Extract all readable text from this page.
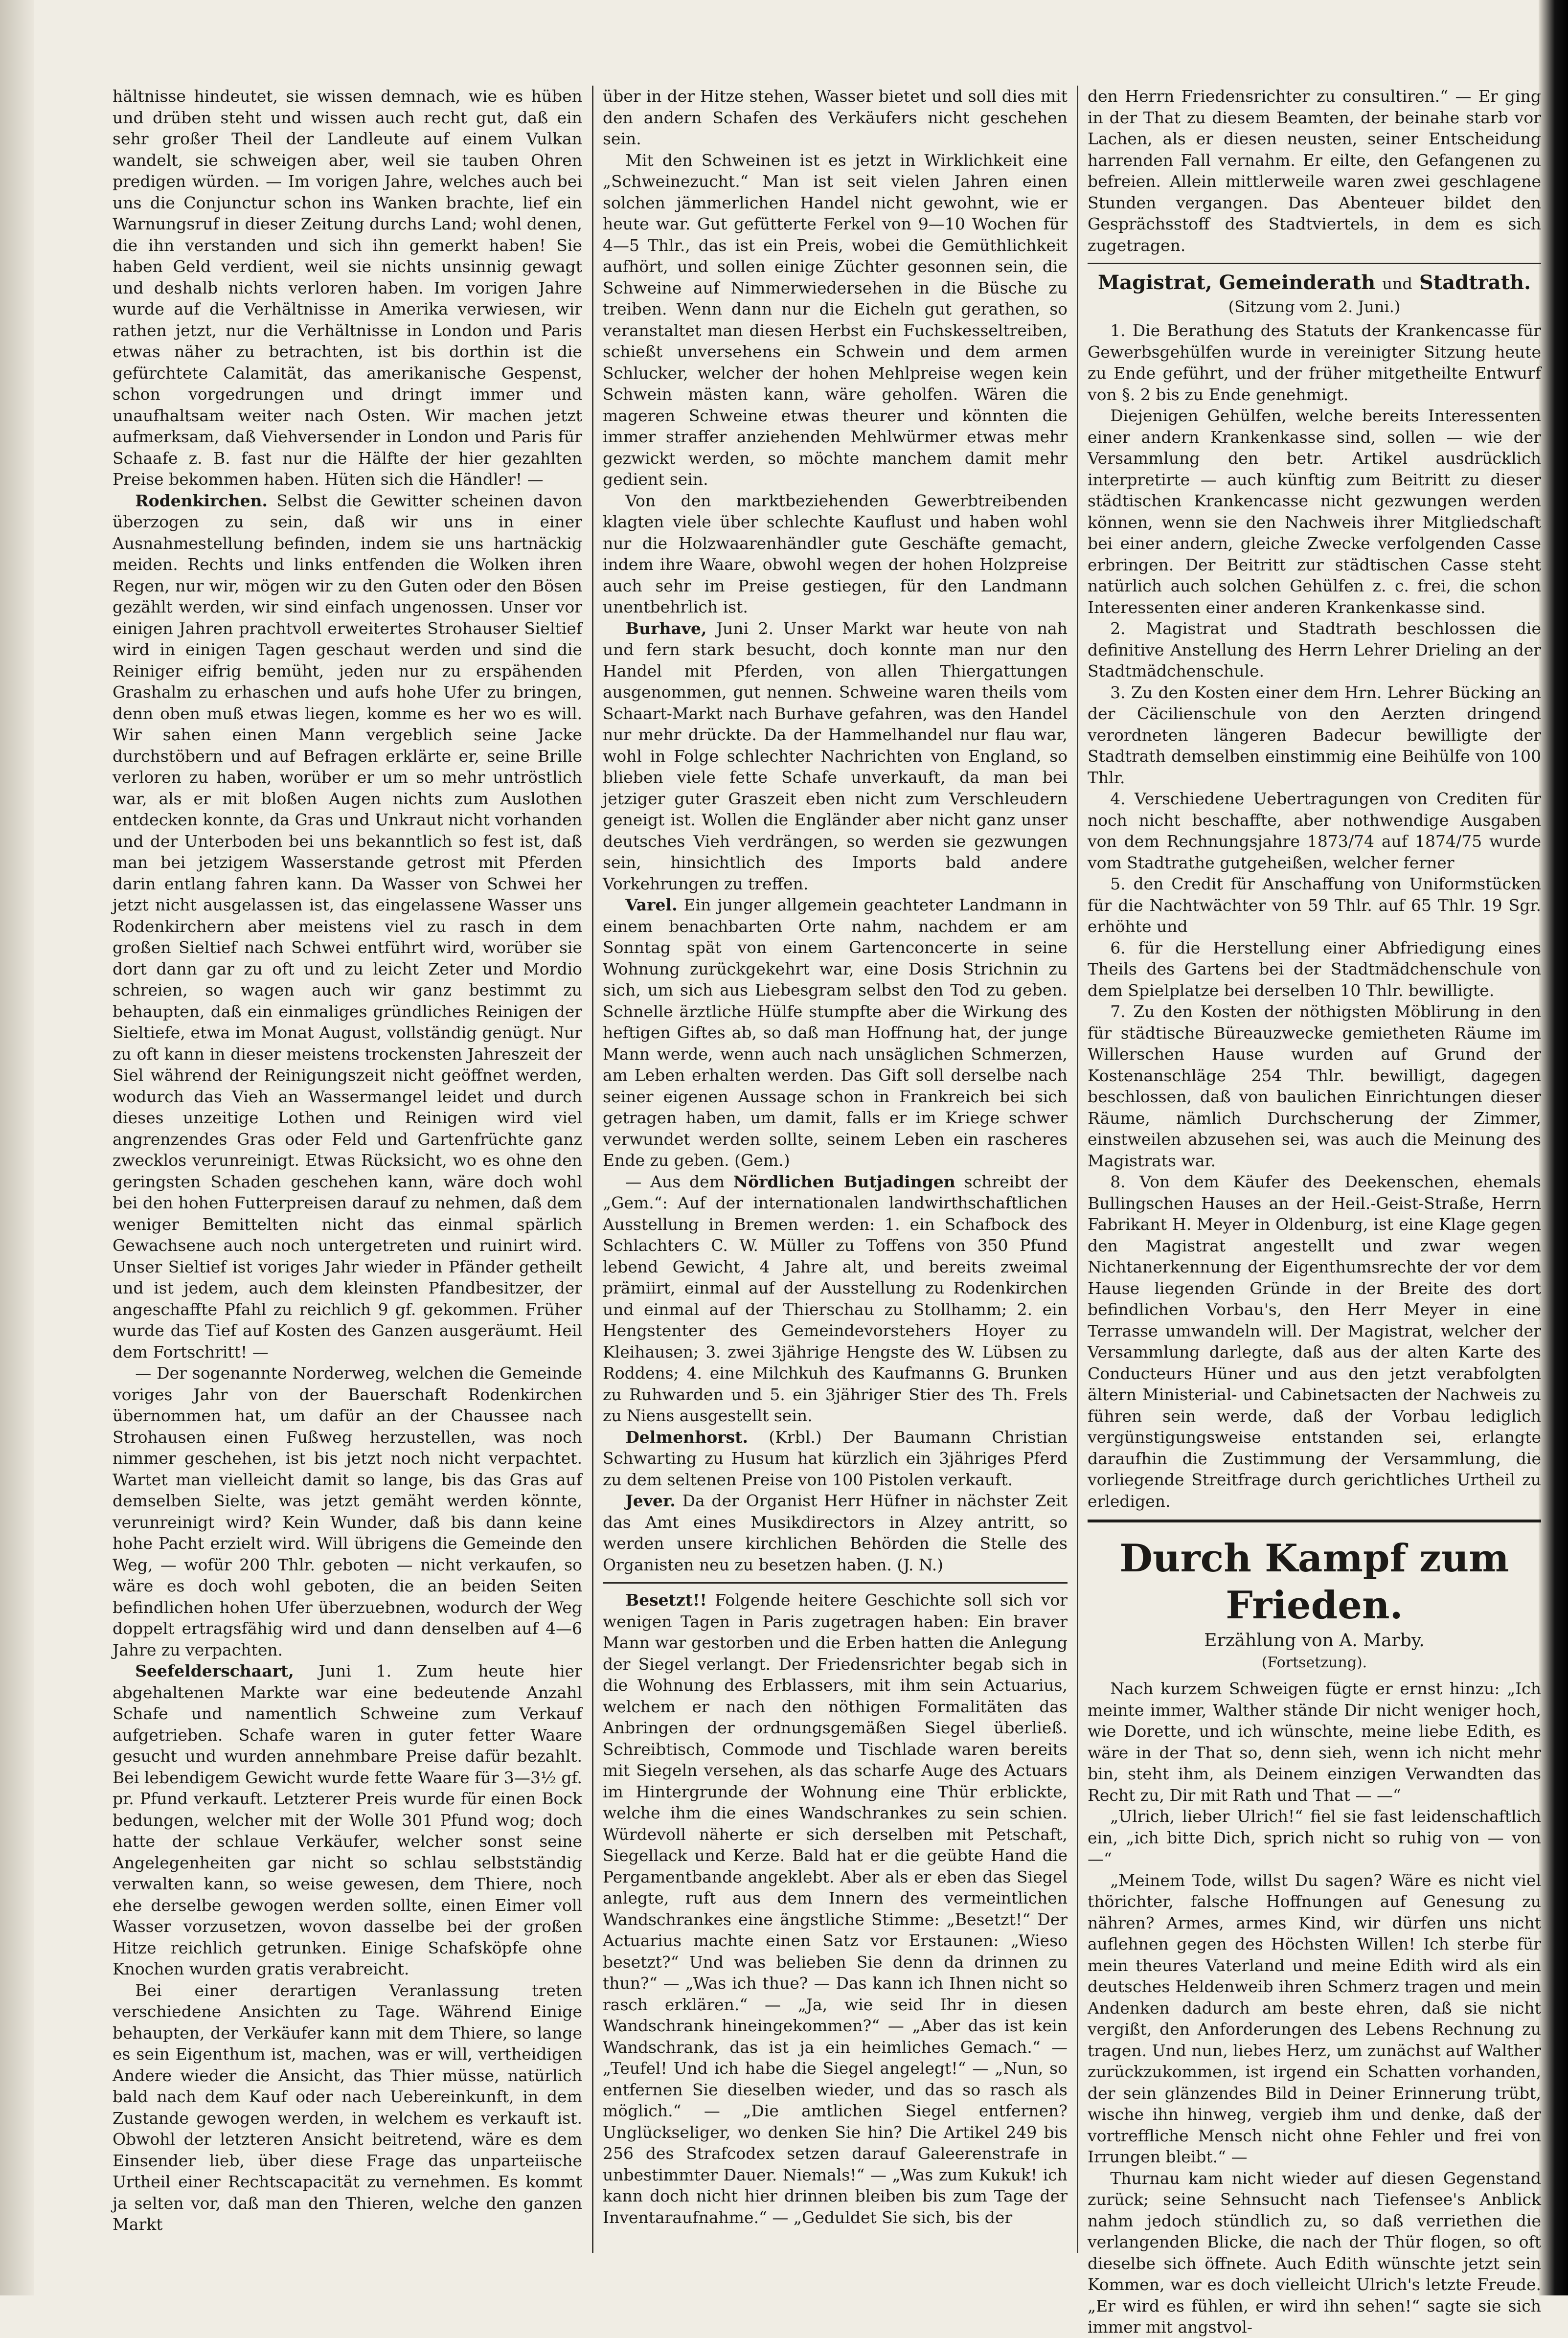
hältnisse hindeutet, sie wissen demnach, wie es hüben und drüben steht und wissen auch recht gut, daß ein sehr großer Theil der Landleute auf einem Vulkan wandelt, sie schweigen aber, weil sie tauben Ohren predigen würden. — Im vorigen Jahre, welches auch bei uns die Conjunctur schon ins Wanken brachte, lief ein Warnungsruf in dieser Zeitung durchs Land; wohl denen, die ihn verstanden und sich ihn gemerkt haben! Sie haben Geld verdient, weil sie nichts unsinnig gewagt und deshalb nichts verloren haben. Im vorigen Jahre wurde auf die Verhältnisse in Amerika verwiesen, wir rathen jetzt, nur die Verhältnisse in London und Paris etwas näher zu betrachten, ist bis dorthin ist die gefürchtete Calamität, das amerikanische Gespenst, schon vorgedrungen und dringt immer und unaufhaltsam weiter nach Osten. Wir machen jetzt aufmerksam, daß Viehversender in London und Paris für Schaafe z. B. fast nur die Hälfte der hier gezahlten Preise bekommen haben. Hüten sich die Händler! —

Rodenkirchen. Selbst die Gewitter scheinen davon überzogen zu sein, daß wir uns in einer Ausnahmestellung befinden, indem sie uns hartnäckig meiden. Rechts und links entfenden die Wolken ihren Regen, nur wir, mögen wir zu den Guten oder den Bösen gezählt werden, wir sind einfach ungenossen. Unser vor einigen Jahren prachtvoll erweitertes Strohauser Sieltief wird in einigen Tagen geschaut werden und sind die Reiniger eifrig bemüht, jeden nur zu erspähenden Grashalm zu erhaschen und aufs hohe Ufer zu bringen, denn oben muß etwas liegen, komme es her wo es will. Wir sahen einen Mann vergeblich seine Jacke durchstöbern und auf Befragen erklärte er, seine Brille verloren zu haben, worüber er um so mehr untröstlich war, als er mit bloßen Augen nichts zum Auslothen entdecken konnte, da Gras und Unkraut nicht vorhanden und der Unterboden bei uns bekanntlich so fest ist, daß man bei jetzigem Wasserstande getrost mit Pferden darin entlang fahren kann. Da Wasser von Schwei her jetzt nicht ausgelassen ist, das eingelassene Wasser uns Rodenkirchern aber meistens viel zu rasch in dem großen Sieltief nach Schwei entführt wird, worüber sie dort dann gar zu oft und zu leicht Zeter und Mordio schreien, so wagen auch wir ganz bestimmt zu behaupten, daß ein einmaliges gründliches Reinigen der Sieltiefe, etwa im Monat August, vollständig genügt. Nur zu oft kann in dieser meistens trockensten Jahreszeit der Siel während der Reinigungszeit nicht geöffnet werden, wodurch das Vieh an Wassermangel leidet und durch dieses unzeitige Lothen und Reinigen wird viel angrenzendes Gras oder Feld und Gartenfrüchte ganz zwecklos verunreinigt. Etwas Rücksicht, wo es ohne den geringsten Schaden geschehen kann, wäre doch wohl bei den hohen Futterpreisen darauf zu nehmen, daß dem weniger Bemittelten nicht das einmal spärlich Gewachsene auch noch untergetreten und ruinirt wird. Unser Sieltief ist voriges Jahr wieder in Pfänder getheilt und ist jedem, auch dem kleinsten Pfandbesitzer, der angeschaffte Pfahl zu reichlich 9 gf. gekommen. Früher wurde das Tief auf Kosten des Ganzen ausgeräumt. Heil dem Fortschritt! —

— Der sogenannte Norderweg, welchen die Gemeinde voriges Jahr von der Bauerschaft Rodenkirchen übernommen hat, um dafür an der Chaussee nach Strohausen einen Fußweg herzustellen, was noch nimmer geschehen, ist bis jetzt noch nicht verpachtet. Wartet man vielleicht damit so lange, bis das Gras auf demselben Sielte, was jetzt gemäht werden könnte, verunreinigt wird? Kein Wunder, daß bis dann keine hohe Pacht erzielt wird. Will übrigens die Gemeinde den Weg, — wofür 200 Thlr. geboten — nicht verkaufen, so wäre es doch wohl geboten, die an beiden Seiten befindlichen hohen Ufer überzuebnen, wodurch der Weg doppelt ertragsfähig wird und dann denselben auf 4—6 Jahre zu verpachten.

Seefelderschaart, Juni 1. Zum heute hier abgehaltenen Markte war eine bedeutende Anzahl Schafe und namentlich Schweine zum Verkauf aufgetrieben. Schafe waren in guter fetter Waare gesucht und wurden annehmbare Preise dafür bezahlt. Bei lebendigem Gewicht wurde fette Waare für 3—3½ gf. pr. Pfund verkauft. Letzterer Preis wurde für einen Bock bedungen, welcher mit der Wolle 301 Pfund wog; doch hatte der schlaue Verkäufer, welcher sonst seine Angelegenheiten gar nicht so schlau selbstständig verwalten kann, so weise gewesen, dem Thiere, noch ehe derselbe gewogen werden sollte, einen Eimer voll Wasser vorzusetzen, wovon dasselbe bei der großen Hitze reichlich getrunken. Einige Schafsköpfe ohne Knochen wurden gratis verabreicht.

Bei einer derartigen Veranlassung treten verschiedene Ansichten zu Tage. Während Einige behaupten, der Verkäufer kann mit dem Thiere, so lange es sein Eigenthum ist, machen, was er will, vertheidigen Andere wieder die Ansicht, das Thier müsse, natürlich bald nach dem Kauf oder nach Uebereinkunft, in dem Zustande gewogen werden, in welchem es verkauft ist. Obwohl der letzteren Ansicht beitretend, wäre es dem Einsender lieb, über diese Frage das unparteiische Urtheil einer Rechtscapacität zu vernehmen. Es kommt ja selten vor, daß man den Thieren, welche den ganzen Markt

über in der Hitze stehen, Wasser bietet und soll dies mit den andern Schafen des Verkäufers nicht geschehen sein.

Mit den Schweinen ist es jetzt in Wirklichkeit eine „Schweinezucht.“ Man ist seit vielen Jahren einen solchen jämmerlichen Handel nicht gewohnt, wie er heute war. Gut gefütterte Ferkel von 9—10 Wochen für 4—5 Thlr., das ist ein Preis, wobei die Gemüthlichkeit aufhört, und sollen einige Züchter gesonnen sein, die Schweine auf Nimmerwiedersehen in die Büsche zu treiben. Wenn dann nur die Eicheln gut gerathen, so veranstaltet man diesen Herbst ein Fuchskesseltreiben, schießt unversehens ein Schwein und dem armen Schlucker, welcher der hohen Mehlpreise wegen kein Schwein mästen kann, wäre geholfen. Wären die mageren Schweine etwas theurer und könnten die immer straffer anziehenden Mehlwürmer etwas mehr gezwickt werden, so möchte manchem damit mehr gedient sein.

Von den marktbeziehenden Gewerbtreibenden klagten viele über schlechte Kauflust und haben wohl nur die Holzwaarenhändler gute Geschäfte gemacht, indem ihre Waare, obwohl wegen der hohen Holzpreise auch sehr im Preise gestiegen, für den Landmann unentbehrlich ist.

Burhave, Juni 2. Unser Markt war heute von nah und fern stark besucht, doch konnte man nur den Handel mit Pferden, von allen Thiergattungen ausgenommen, gut nennen. Schweine waren theils vom Schaart-Markt nach Burhave gefahren, was den Handel nur mehr drückte. Da der Hammelhandel nur flau war, wohl in Folge schlechter Nachrichten von England, so blieben viele fette Schafe unverkauft, da man bei jetziger guter Graszeit eben nicht zum Verschleudern geneigt ist. Wollen die Engländer aber nicht ganz unser deutsches Vieh verdrängen, so werden sie gezwungen sein, hinsichtlich des Imports bald andere Vorkehrungen zu treffen.

Varel. Ein junger allgemein geachteter Landmann in einem benachbarten Orte nahm, nachdem er am Sonntag spät von einem Gartenconcerte in seine Wohnung zurückgekehrt war, eine Dosis Strichnin zu sich, um sich aus Liebesgram selbst den Tod zu geben. Schnelle ärztliche Hülfe stumpfte aber die Wirkung des heftigen Giftes ab, so daß man Hoffnung hat, der junge Mann werde, wenn auch nach unsäglichen Schmerzen, am Leben erhalten werden. Das Gift soll derselbe nach seiner eigenen Aussage schon in Frankreich bei sich getragen haben, um damit, falls er im Kriege schwer verwundet werden sollte, seinem Leben ein rascheres Ende zu geben. (Gem.)

— Aus dem Nördlichen Butjadingen schreibt der „Gem.“: Auf der internationalen landwirthschaftlichen Ausstellung in Bremen werden: 1. ein Schafbock des Schlachters C. W. Müller zu Toffens von 350 Pfund lebend Gewicht, 4 Jahre alt, und bereits zweimal prämiirt, einmal auf der Ausstellung zu Rodenkirchen und einmal auf der Thierschau zu Stollhamm; 2. ein Hengstenter des Gemeindevorstehers Hoyer zu Kleihausen; 3. zwei 3jährige Hengste des W. Lübsen zu Roddens; 4. eine Milchkuh des Kaufmanns G. Brunken zu Ruhwarden und 5. ein 3jähriger Stier des Th. Frels zu Niens ausgestellt sein.

Delmenhorst. (Krbl.) Der Baumann Christian Schwarting zu Husum hat kürzlich ein 3jähriges Pferd zu dem seltenen Preise von 100 Pistolen verkauft.

Jever. Da der Organist Herr Hüfner in nächster Zeit das Amt eines Musikdirectors in Alzey antritt, so werden unsere kirchlichen Behörden die Stelle des Organisten neu zu besetzen haben. (J. N.)

Besetzt!! Folgende heitere Geschichte soll sich vor wenigen Tagen in Paris zugetragen haben: Ein braver Mann war gestorben und die Erben hatten die Anlegung der Siegel verlangt. Der Friedensrichter begab sich in die Wohnung des Erblassers, mit ihm sein Actuarius, welchem er nach den nöthigen Formalitäten das Anbringen der ordnungsgemäßen Siegel überließ. Schreibtisch, Commode und Tischlade waren bereits mit Siegeln versehen, als das scharfe Auge des Actuars im Hintergrunde der Wohnung eine Thür erblickte, welche ihm die eines Wandschrankes zu sein schien. Würdevoll näherte er sich derselben mit Petschaft, Siegellack und Kerze. Bald hat er die geübte Hand die Pergamentbande angeklebt. Aber als er eben das Siegel anlegte, ruft aus dem Innern des vermeintlichen Wandschrankes eine ängstliche Stimme: „Besetzt!“ Der Actuarius machte einen Satz vor Erstaunen: „Wieso besetzt?“ Und was belieben Sie denn da drinnen zu thun?“ — „Was ich thue? — Das kann ich Ihnen nicht so rasch erklären.“ — „Ja, wie seid Ihr in diesen Wandschrank hineingekommen?“ — „Aber das ist kein Wandschrank, das ist ja ein heimliches Gemach.“ — „Teufel! Und ich habe die Siegel angelegt!“ — „Nun, so entfernen Sie dieselben wieder, und das so rasch als möglich.“ — „Die amtlichen Siegel entfernen? Unglückseliger, wo denken Sie hin? Die Artikel 249 bis 256 des Strafcodex setzen darauf Galeerenstrafe in unbestimmter Dauer. Niemals!“ — „Was zum Kukuk! ich kann doch nicht hier drinnen bleiben bis zum Tage der Inventaraufnahme.“ — „Geduldet Sie sich, bis der

den Herrn Friedensrichter zu consultiren.“ — Er ging in der That zu diesem Beamten, der beinahe starb vor Lachen, als er diesen neusten, seiner Entscheidung harrenden Fall vernahm. Er eilte, den Gefangenen zu befreien. Allein mittlerweile waren zwei geschlagene Stunden vergangen. Das Abenteuer bildet den Gesprächsstoff des Stadtviertels, in dem es sich zugetragen.

Magistrat, Gemeinderath und Stadtrath.
(Sitzung vom 2. Juni.)

1. Die Berathung des Statuts der Krankencasse für Gewerbsgehülfen wurde in vereinigter Sitzung heute zu Ende geführt, und der früher mitgetheilte Entwurf von §. 2 bis zu Ende genehmigt.

Diejenigen Gehülfen, welche bereits Interessenten einer andern Krankenkasse sind, sollen — wie der Versammlung den betr. Artikel ausdrücklich interpretirte — auch künftig zum Beitritt zu dieser städtischen Krankencasse nicht gezwungen werden können, wenn sie den Nachweis ihrer Mitgliedschaft bei einer andern, gleiche Zwecke verfolgenden Casse erbringen. Der Beitritt zur städtischen Casse steht natürlich auch solchen Gehülfen z. c. frei, die schon Interessenten einer anderen Krankenkasse sind.

2. Magistrat und Stadtrath beschlossen die definitive Anstellung des Herrn Lehrer Drieling an der Stadtmädchenschule.

3. Zu den Kosten einer dem Hrn. Lehrer Bücking an der Cäcilienschule von den Aerzten dringend verordneten längeren Badecur bewilligte der Stadtrath demselben einstimmig eine Beihülfe von 100 Thlr.

4. Verschiedene Uebertragungen von Crediten für noch nicht beschaffte, aber nothwendige Ausgaben von dem Rechnungsjahre 1873/74 auf 1874/75 wurde vom Stadtrathe gutgeheißen, welcher ferner

5. den Credit für Anschaffung von Uniformstücken für die Nachtwächter von 59 Thlr. auf 65 Thlr. 19 Sgr. erhöhte und

6. für die Herstellung einer Abfriedigung eines Theils des Gartens bei der Stadtmädchenschule von dem Spielplatze bei derselben 10 Thlr. bewilligte.

7. Zu den Kosten der nöthigsten Möblirung in den für städtische Büreauzwecke gemietheten Räume im Willerschen Hause wurden auf Grund der Kostenanschläge 254 Thlr. bewilligt, dagegen beschlossen, daß von baulichen Einrichtungen dieser Räume, nämlich Durchscherung der Zimmer, einstweilen abzusehen sei, was auch die Meinung des Magistrats war.

8. Von dem Käufer des Deekenschen, ehemals Bullingschen Hauses an der Heil.-Geist-Straße, Herrn Fabrikant H. Meyer in Oldenburg, ist eine Klage gegen den Magistrat angestellt und zwar wegen Nichtanerkennung der Eigenthumsrechte der vor dem Hause liegenden Gründe in der Breite des dort befindlichen Vorbau's, den Herr Meyer in eine Terrasse umwandeln will. Der Magistrat, welcher der Versammlung darlegte, daß aus der alten Karte des Conducteurs Hüner und aus den jetzt verabfolgten ältern Ministerial- und Cabinetsacten der Nachweis zu führen sein werde, daß der Vorbau lediglich vergünstigungsweise entstanden sei, erlangte daraufhin die Zustimmung der Versammlung, die vorliegende Streitfrage durch gerichtliches Urtheil zu erledigen.

Durch Kampf zum Frieden.
Erzählung von A. Marby.
(Fortsetzung).

Nach kurzem Schweigen fügte er ernst hinzu: „Ich meinte immer, Walther stände Dir nicht weniger hoch, wie Dorette, und ich wünschte, meine liebe Edith, es wäre in der That so, denn sieh, wenn ich nicht mehr bin, steht ihm, als Deinem einzigen Verwandten das Recht zu, Dir mit Rath und That — —“

„Ulrich, lieber Ulrich!“ fiel sie fast leidenschaftlich ein, „ich bitte Dich, sprich nicht so ruhig von — von —“

„Meinem Tode, willst Du sagen? Wäre es nicht viel thörichter, falsche Hoffnungen auf Genesung zu nähren? Armes, armes Kind, wir dürfen uns nicht auflehnen gegen des Höchsten Willen! Ich sterbe für mein theures Vaterland und meine Edith wird als ein deutsches Heldenweib ihren Schmerz tragen und mein Andenken dadurch am beste ehren, daß sie nicht vergißt, den Anforderungen des Lebens Rechnung zu tragen. Und nun, liebes Herz, um zunächst auf Walther zurückzukommen, ist irgend ein Schatten vorhanden, der sein glänzendes Bild in Deiner Erinnerung trübt, wische ihn hinweg, vergieb ihm und denke, daß der vortreffliche Mensch nicht ohne Fehler und frei von Irrungen bleibt.“ —

Thurnau kam nicht wieder auf diesen Gegenstand zurück; seine Sehnsucht nach Tiefensee's Anblick nahm jedoch stündlich zu, so daß verriethen die verlangenden Blicke, die nach der Thür flogen, so oft dieselbe sich öffnete. Auch Edith wünschte jetzt sein Kommen, war es doch vielleicht Ulrich's letzte Freude. „Er wird es fühlen, er wird ihn sehen!“ sagte sie sich immer mit angstvol-
